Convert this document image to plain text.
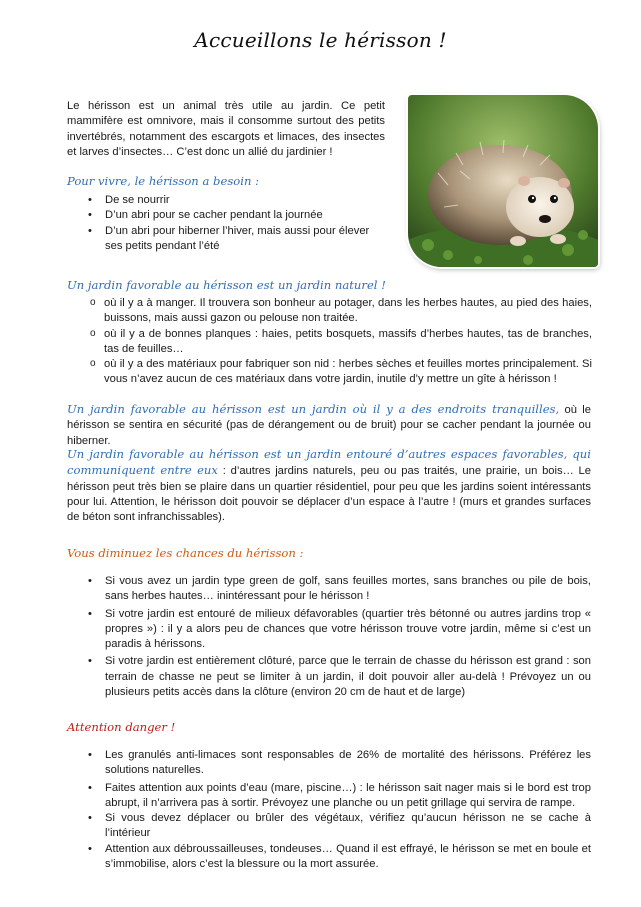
Accueillons le hérisson !

Le hérisson est un animal très utile au jardin. Ce petit mammifère est omnivore, mais il consomme surtout des petits invertébrés, notamment des escargots et limaces, des insectes et larves d’insectes… C’est donc un allié du jardinier !

Pour vivre, le hérisson a besoin :
• De se nourrir
• D’un abri pour se cacher pendant la journée
• D’un abri pour hiberner l’hiver, mais aussi pour élever ses petits pendant l’été
Un jardin favorable au hérisson est un jardin naturel !
o où il y a à manger. Il trouvera son bonheur au potager, dans les herbes hautes, au pied des haies, buissons, mais aussi gazon ou pelouse non traitée.
o où il y a de bonnes planques : haies, petits bosquets, massifs d’herbes hautes, tas de branches, tas de feuilles…
o où il y a des matériaux pour fabriquer son nid : herbes sèches et feuilles mortes principalement. Si vous n’avez aucun de ces matériaux dans votre jardin, inutile d’y mettre un gîte à hérisson !

Un jardin favorable au hérisson est un jardin où il y a des endroits tranquilles, où le hérisson se sentira en sécurité (pas de dérangement ou de bruit) pour se cacher pendant la journée ou hiberner.

Un jardin favorable au hérisson est un jardin entouré d’autres espaces favorables, qui communiquent entre eux : d’autres jardins naturels, peu ou pas traités, une prairie, un bois… Le hérisson peut très bien se plaire dans un quartier résidentiel, pour peu que les jardins soient intéressants pour lui. Attention, le hérisson doit pouvoir se déplacer d’un espace à l’autre ! (murs et grandes surfaces de béton sont infranchissables).

Vous diminuez les chances du hérisson :
• Si vous avez un jardin type green de golf, sans feuilles mortes, sans branches ou pile de bois, sans herbes hautes… inintéressant pour le hérisson !
• Si votre jardin est entouré de milieux défavorables (quartier très bétonné ou autres jardins trop « propres ») : il y a alors peu de chances que votre hérisson trouve votre jardin, même si c’est un paradis à hérissons.
• Si votre jardin est entièrement clôturé, parce que le terrain de chasse du hérisson est grand : son terrain de chasse ne peut se limiter à un jardin, il doit pouvoir aller au-delà ! Prévoyez un ou plusieurs petits accès dans la clôture (environ 20 cm de haut et de large)
Attention danger !
• Les granulés anti-limaces sont responsables de 26% de mortalité des hérissons. Préférez les solutions naturelles.
• Faites attention aux points d’eau (mare, piscine…) : le hérisson sait nager mais si le bord est trop abrupt, il n’arrivera pas à sortir. Prévoyez une planche ou un petit grillage qui servira de rampe.
• Si vous devez déplacer ou brûler des végétaux, vérifiez qu’aucun hérisson ne se cache à l’intérieur
• Attention aux débroussailleuses, tondeuses… Quand il est effrayé, le hérisson se met en boule et s’immobilise, alors c’est la blessure ou la mort assurée.
